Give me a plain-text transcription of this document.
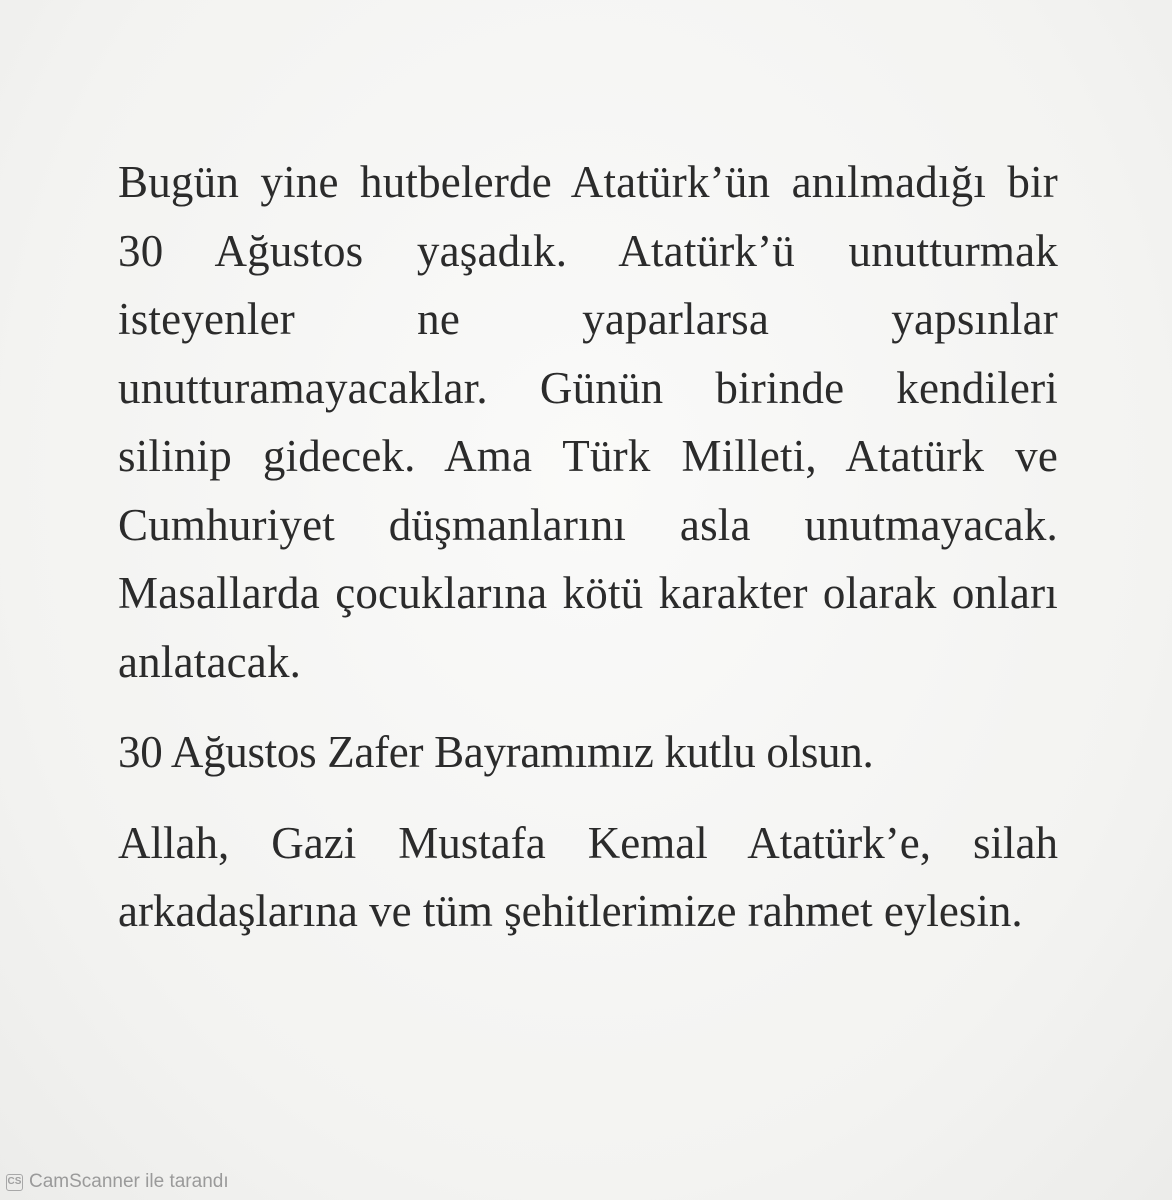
Bugün yine hutbelerde Atatürk’ün anılmadığı bir 30 Ağustos yaşadık. Atatürk’ü unutturmak isteyenler ne yaparlarsa yapsınlar unutturamayacaklar. Günün birinde kendileri silinip gidecek. Ama Türk Milleti, Atatürk ve Cumhuriyet düşmanlarını asla unutmayacak. Masallarda çocuklarına kötü karakter olarak onları anlatacak.

30 Ağustos Zafer Bayramımız kutlu olsun.

Allah, Gazi Mustafa Kemal Atatürk’e, silah arkadaşlarına ve tüm şehitlerimize rahmet eylesin.

CS CamScanner ile tarandı
